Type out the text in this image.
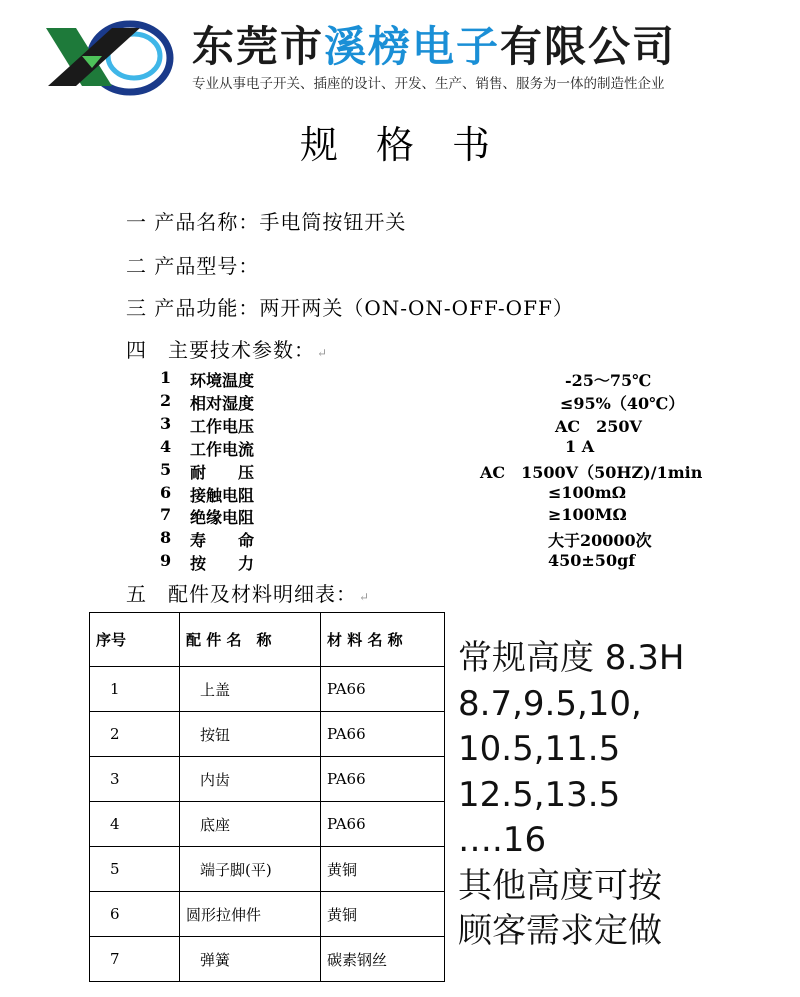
东莞市溪榜电子有限公司
专业从事电子开关、插座的设计、开发、生产、销售、服务为一体的制造性企业
规格书
一 产品名称：手电筒按钮开关
二 产品型号：
三 产品功能：两开两关（ON-ON-OFF-OFF）
四　主要技术参数： ↵
1 环境温度	-25～75℃
2 相对湿度	≤95%（40℃）
3 工作电压	AC　250V
4 工作电流	1 A
5 耐　　压	AC　1500V（50HZ)/1min
6 接触电阻	≤100mΩ
7 绝缘电阻	≥100MΩ
8 寿　　命	大于20000次
9 按　　力	450±50gf
五　配件及材料明细表： ↵
序号	配 件 名　称	材 料 名 称
1	上盖	PA66
2	按钮	PA66
3	内齿	PA66
4	底座	PA66
5	端子脚(平)	黄铜
6	圆形拉伸件	黄铜
7	弹簧	碳素钢丝
常规高度 8.3H
8.7,9.5,10,
10.5,11.5
12.5,13.5
….16
其他高度可按
顾客需求定做
